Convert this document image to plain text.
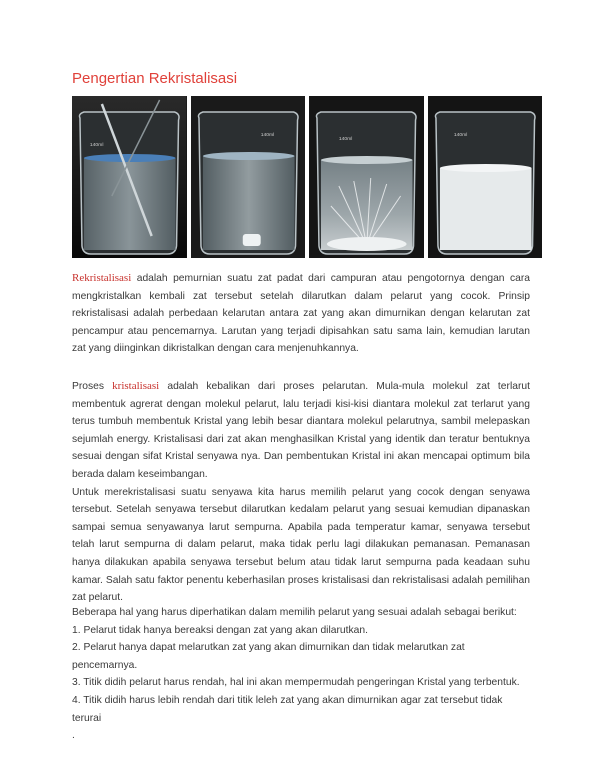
Pengertian Rekristalisasi
140ml
140ml
140ml
140ml

Rekristalisasi adalah pemurnian suatu zat padat dari campuran atau pengotornya dengan cara mengkristalkan kembali zat tersebut setelah dilarutkan dalam pelarut yang cocok. Prinsip rekristalisasi adalah perbedaan kelarutan antara zat yang akan dimurnikan dengan kelarutan zat pencampur atau pencemarnya. Larutan yang terjadi dipisahkan satu sama lain, kemudian larutan zat yang diinginkan dikristalkan dengan cara menjenuhkannya.

Proses kristalisasi adalah kebalikan dari proses pelarutan. Mula-mula molekul zat terlarut membentuk agrerat dengan molekul pelarut, lalu terjadi kisi-kisi diantara molekul zat terlarut yang terus tumbuh membentuk Kristal yang lebih besar diantara molekul pelarutnya, sambil melepaskan sejumlah energy. Kristalisasi dari zat akan menghasilkan Kristal yang identik dan teratur bentuknya sesuai dengan sifat Kristal senyawa nya. Dan pembentukan Kristal ini akan mencapai optimum bila berada dalam keseimbangan.

Untuk merekristalisasi suatu senyawa kita harus memilih pelarut yang cocok dengan senyawa tersebut. Setelah senyawa tersebut dilarutkan kedalam pelarut yang sesuai kemudian dipanaskan sampai semua senyawanya larut sempurna. Apabila pada temperatur kamar, senyawa tersebut telah larut sempurna di dalam pelarut, maka tidak perlu lagi dilakukan pemanasan. Pemanasan hanya dilakukan apabila senyawa tersebut belum atau tidak larut sempurna pada keadaan suhu kamar. Salah satu faktor penentu keberhasilan proses kristalisasi dan rekristalisasi adalah pemilihan zat pelarut.

Beberapa hal yang harus diperhatikan dalam memilih pelarut yang sesuai adalah sebagai berikut:

1. Pelarut tidak hanya bereaksi dengan zat yang akan dilarutkan.
2. Pelarut hanya dapat melarutkan zat yang akan dimurnikan dan tidak melarutkan zat pencemarnya.
3. Titik didih pelarut harus rendah, hal ini akan mempermudah pengeringan Kristal yang terbentuk.
4. Titik didih harus lebih rendah dari titik leleh zat yang akan dimurnikan agar zat tersebut tidak terurai

.
